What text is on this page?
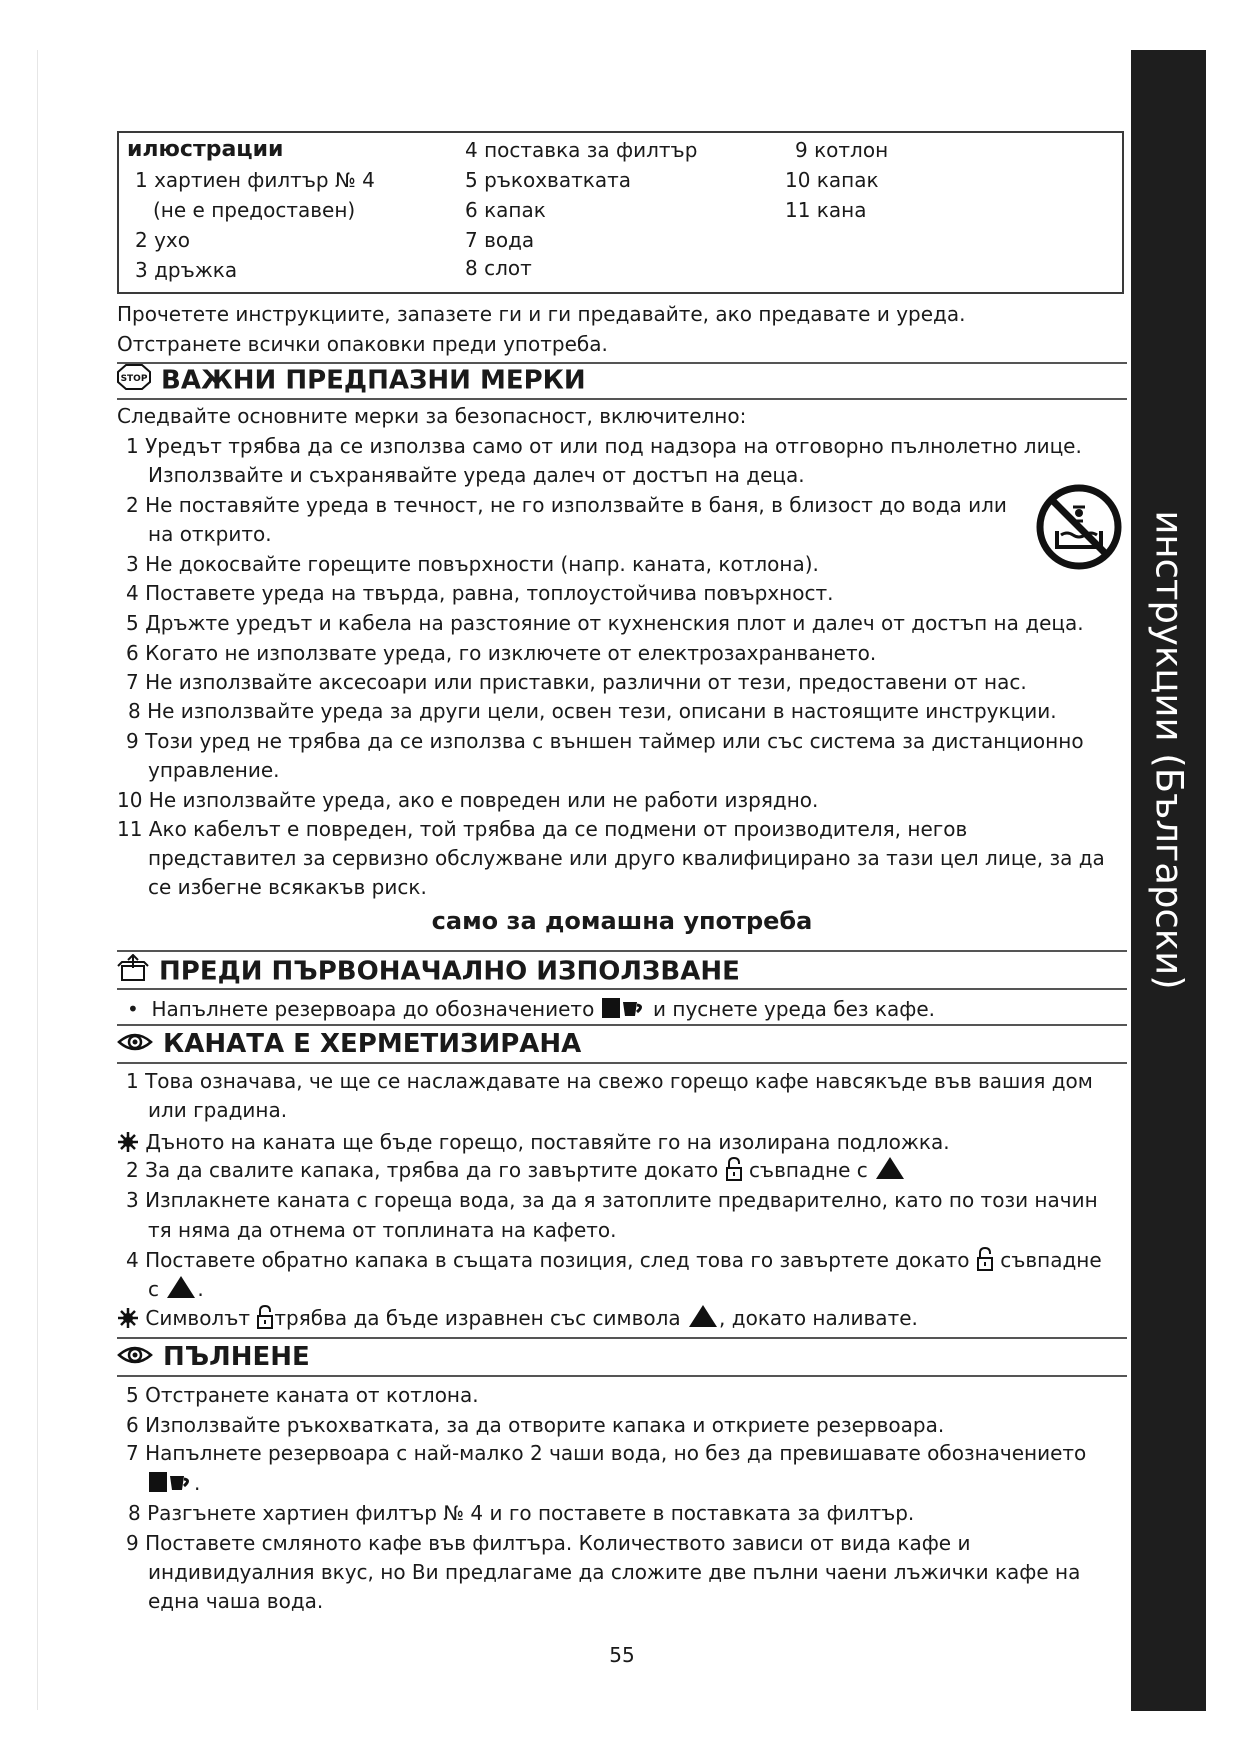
инструкции (Български)
илюстрации
1 хартиен филтър № 4
(не е предоставен)
2 ухо
3 дръжка
4 поставка за филтър
5 ръкохватката
6 капак
7 вода
8 слот
9 котлон
10 капак
11 кана
Прочетете инструкциите, запазете ги и ги предавайте, ако предавате и уреда.
Отстранете всички опаковки преди употреба.
STOP ВАЖНИ ПРЕДПАЗНИ МЕРКИ
Следвайте основните мерки за безопасност, включително:
1 Уредът трябва да се използва само от или под надзора на отговорно пълнолетно лице.
Използвайте и съхранявайте уреда далеч от достъп на деца.
2 Не поставяйте уреда в течност, не го използвайте в баня, в близост до вода или
на открито.
3 Не докосвайте горещите повърхности (напр. каната, котлона).
4 Поставете уреда на твърда, равна, топлоустойчива повърхност.
5 Дръжте уредът и кабела на разстояние от кухненския плот и далеч от достъп на деца.
6 Когато не използвате уреда, го изключете от електрозахранването.
7 Не използвайте аксесоари или приставки, различни от тези, предоставени от нас.
8 Не използвайте уреда за други цели, освен тези, описани в настоящите инструкции.
9 Този уред не трябва да се използва с външен таймер или със система за дистанционно
управление.
10 Не използвайте уреда, ако е повреден или не работи изрядно.
11 Ако кабелът е повреден, той трябва да се подмени от производителя, негов
представител за сервизно обслужване или друго квалифицирано за тази цел лице, за да
се избегне всякакъв риск.
само за домашна употреба
ПРЕДИ ПЪРВОНАЧАЛНО ИЗПОЛЗВАНЕ
• Напълнете резервоара до обозначението	и пуснете уреда без кафе.
КАНАТА Е ХЕРМЕТИЗИРАНА
1 Това означава, че ще се наслаждавате на свежо горещо кафе навсякъде във вашия дом
или градина.
Дъното на каната ще бъде горещо, поставяйте го на изолирана подложка.
2 За да свалите капака, трябва да го завъртите докато съвпадне с
3 Изплакнете каната с гореща вода, за да я затоплите предварително, като по този начин
тя няма да отнема от топлината на кафето.
4 Поставете обратно капака в същата позиция, след това го завъртете докато съвпадне
с .
Символът трябва да бъде изравнен със символа , докато наливате.
ПЪЛНЕНЕ
5 Отстранете каната от котлона.
6 Използвайте ръкохватката, за да отворите капака и откриете резервоара.
7 Напълнете резервоара с най-малко 2 чаши вода, но без да превишавате обозначението
.
8 Разгънете хартиен филтър № 4 и го поставете в поставката за филтър.
9 Поставете смляното кафе във филтъра. Количеството зависи от вида кафе и
индивидуалния вкус, но Ви предлагаме да сложите две пълни чаени лъжички кафе на
една чаша вода.
55
